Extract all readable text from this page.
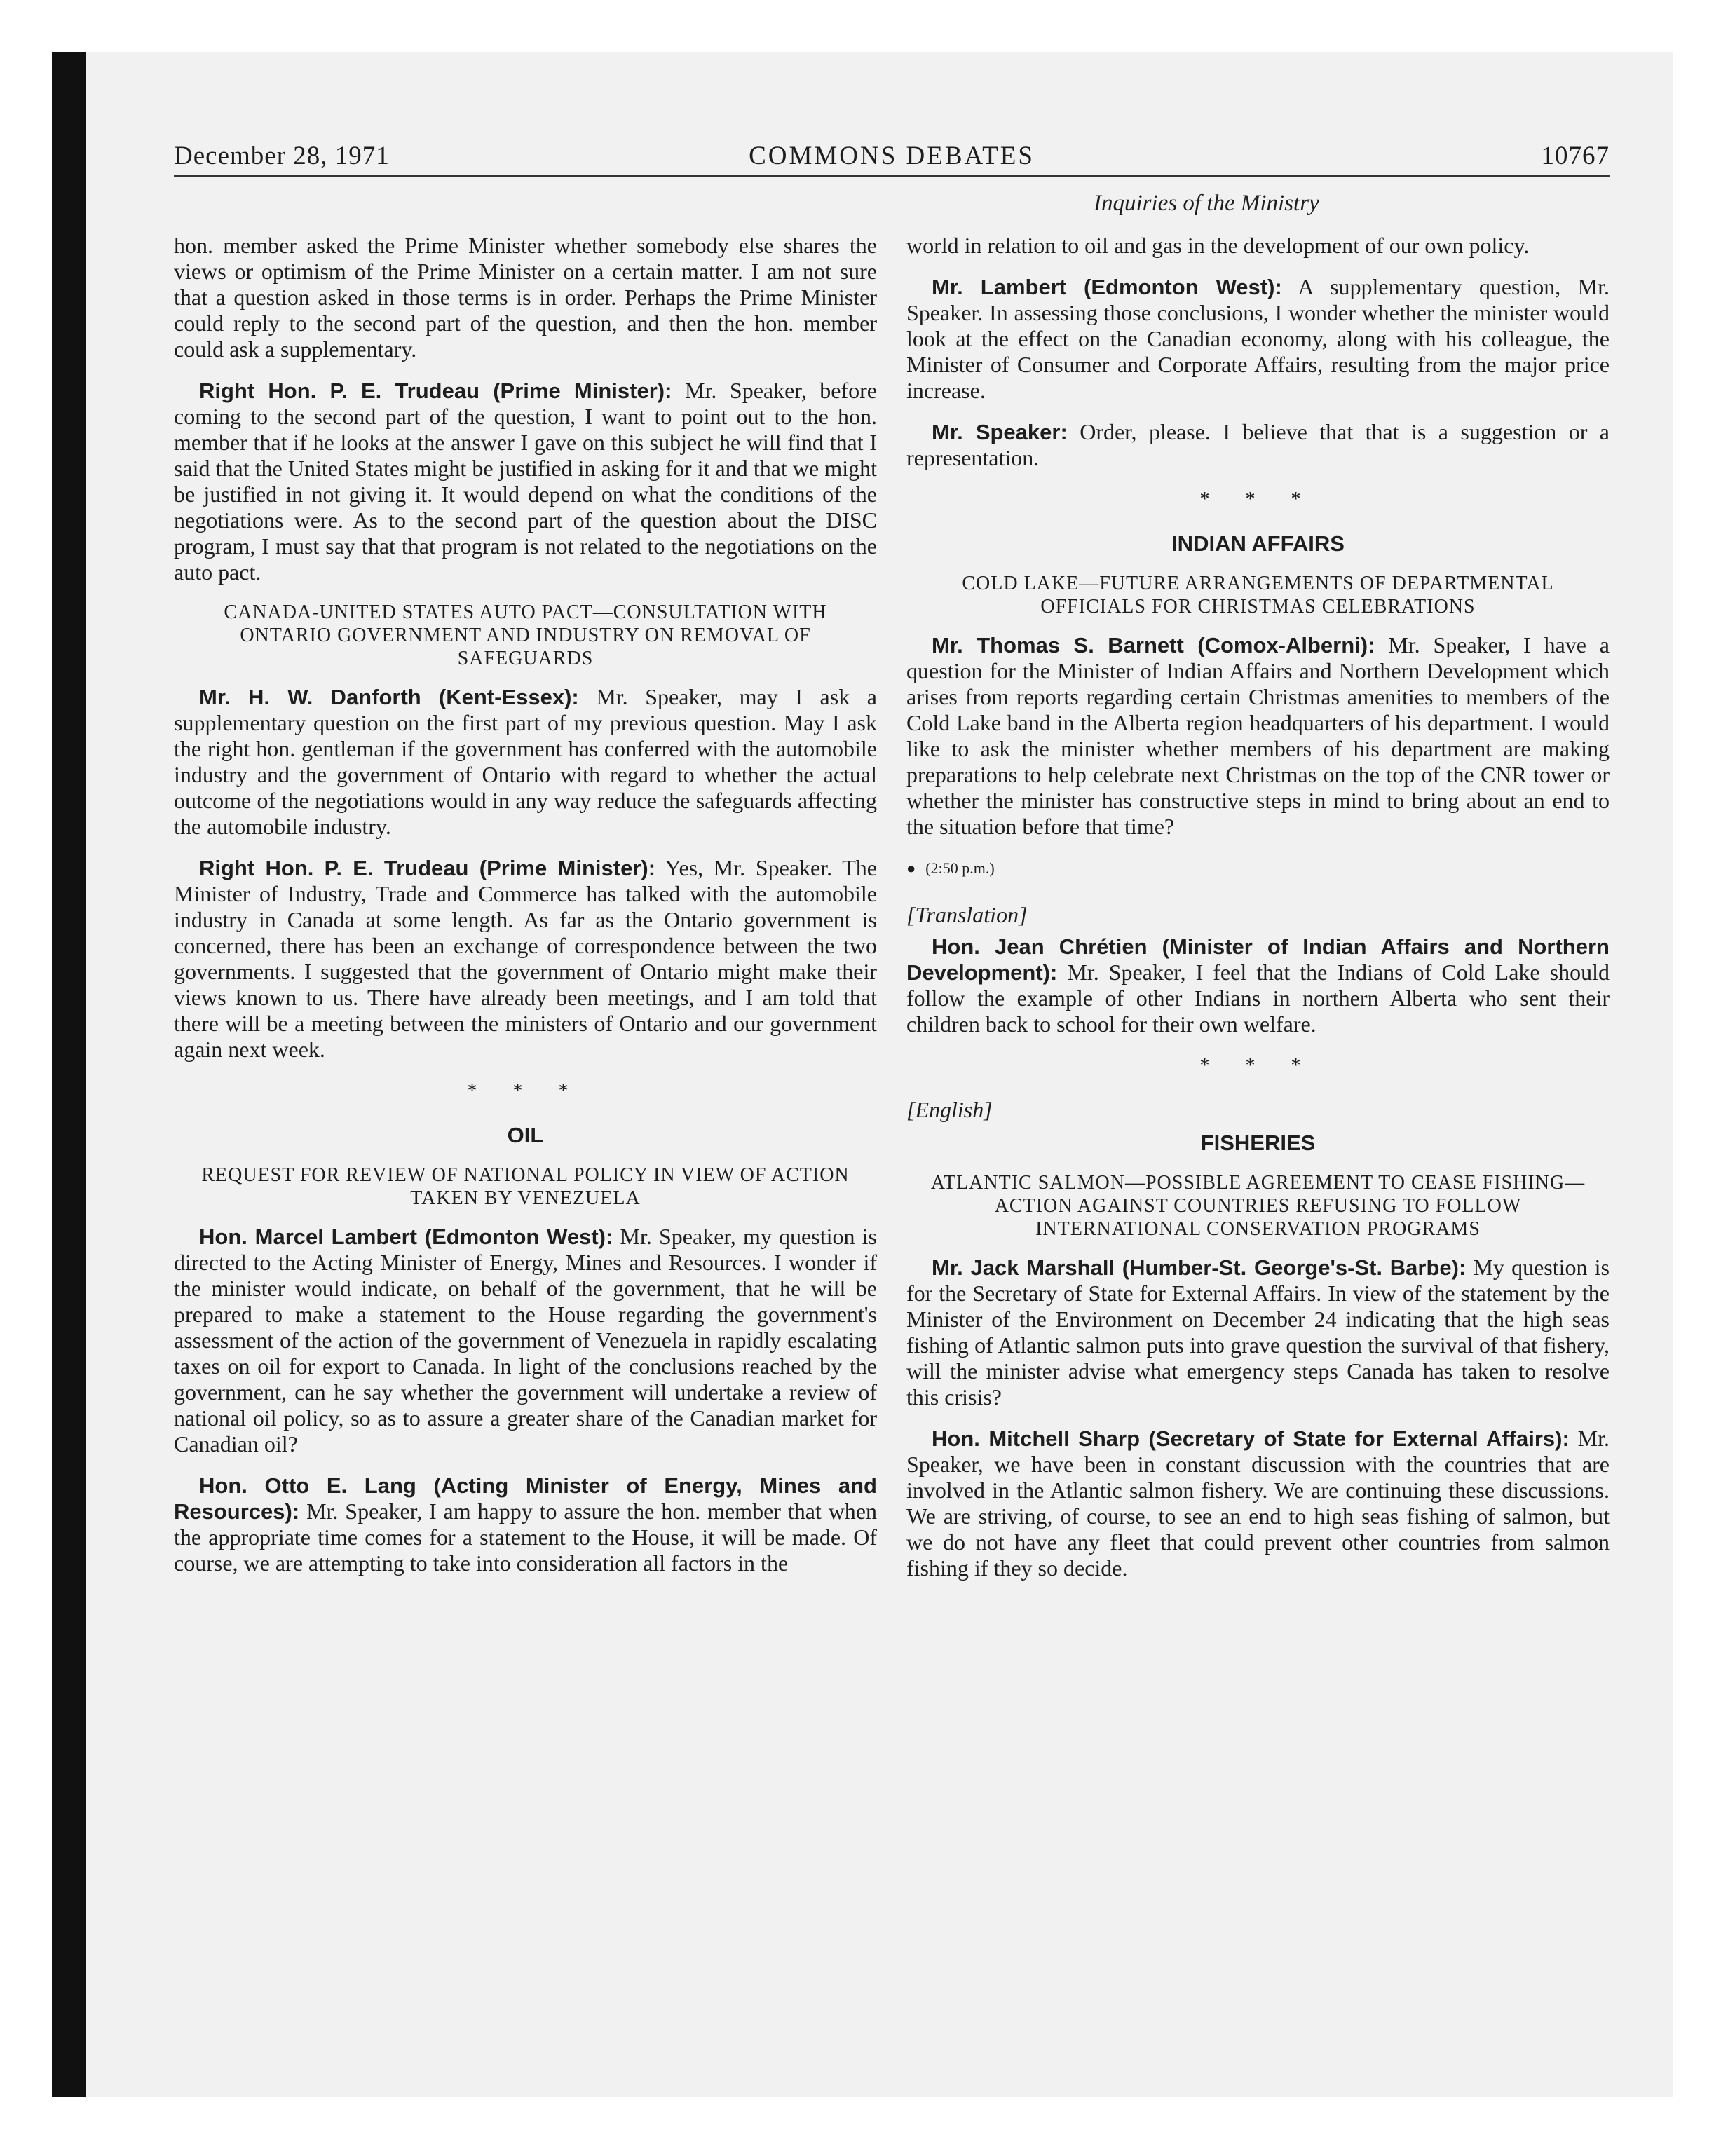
December 28, 1971	COMMONS DEBATES	10767
Inquiries of the Ministry

hon. member asked the Prime Minister whether somebody else shares the views or optimism of the Prime Minister on a certain matter. I am not sure that a question asked in those terms is in order. Perhaps the Prime Minister could reply to the second part of the question, and then the hon. member could ask a supplementary.

Right Hon. P. E. Trudeau (Prime Minister): Mr. Speaker, before coming to the second part of the question, I want to point out to the hon. member that if he looks at the answer I gave on this subject he will find that I said that the United States might be justified in asking for it and that we might be justified in not giving it. It would depend on what the conditions of the negotiations were. As to the second part of the question about the DISC program, I must say that that program is not related to the negotiations on the auto pact.

CANADA-UNITED STATES AUTO PACT—CONSULTATION WITH ONTARIO GOVERNMENT AND INDUSTRY ON REMOVAL OF SAFEGUARDS

Mr. H. W. Danforth (Kent-Essex): Mr. Speaker, may I ask a supplementary question on the first part of my previous question. May I ask the right hon. gentleman if the government has conferred with the automobile industry and the government of Ontario with regard to whether the actual outcome of the negotiations would in any way reduce the safeguards affecting the automobile industry.

Right Hon. P. E. Trudeau (Prime Minister): Yes, Mr. Speaker. The Minister of Industry, Trade and Commerce has talked with the automobile industry in Canada at some length. As far as the Ontario government is concerned, there has been an exchange of correspondence between the two governments. I suggested that the government of Ontario might make their views known to us. There have already been meetings, and I am told that there will be a meeting between the ministers of Ontario and our government again next week.

* * *
OIL
REQUEST FOR REVIEW OF NATIONAL POLICY IN VIEW OF ACTION TAKEN BY VENEZUELA

Hon. Marcel Lambert (Edmonton West): Mr. Speaker, my question is directed to the Acting Minister of Energy, Mines and Resources. I wonder if the minister would indicate, on behalf of the government, that he will be prepared to make a statement to the House regarding the government's assessment of the action of the government of Venezuela in rapidly escalating taxes on oil for export to Canada. In light of the conclusions reached by the government, can he say whether the government will undertake a review of national oil policy, so as to assure a greater share of the Canadian market for Canadian oil?

Hon. Otto E. Lang (Acting Minister of Energy, Mines and Resources): Mr. Speaker, I am happy to assure the hon. member that when the appropriate time comes for a statement to the House, it will be made. Of course, we are attempting to take into consideration all factors in the

world in relation to oil and gas in the development of our own policy.

Mr. Lambert (Edmonton West): A supplementary question, Mr. Speaker. In assessing those conclusions, I wonder whether the minister would look at the effect on the Canadian economy, along with his colleague, the Minister of Consumer and Corporate Affairs, resulting from the major price increase.

Mr. Speaker: Order, please. I believe that that is a suggestion or a representation.

* * *
INDIAN AFFAIRS
COLD LAKE—FUTURE ARRANGEMENTS OF DEPARTMENTAL OFFICIALS FOR CHRISTMAS CELEBRATIONS

Mr. Thomas S. Barnett (Comox-Alberni): Mr. Speaker, I have a question for the Minister of Indian Affairs and Northern Development which arises from reports regarding certain Christmas amenities to members of the Cold Lake band in the Alberta region headquarters of his department. I would like to ask the minister whether members of his department are making preparations to help celebrate next Christmas on the top of the CNR tower or whether the minister has constructive steps in mind to bring about an end to the situation before that time?

● (2:50 p.m.)
[Translation]

Hon. Jean Chrétien (Minister of Indian Affairs and Northern Development): Mr. Speaker, I feel that the Indians of Cold Lake should follow the example of other Indians in northern Alberta who sent their children back to school for their own welfare.

* * *
[English]
FISHERIES
ATLANTIC SALMON—POSSIBLE AGREEMENT TO CEASE FISHING—ACTION AGAINST COUNTRIES REFUSING TO FOLLOW INTERNATIONAL CONSERVATION PROGRAMS

Mr. Jack Marshall (Humber-St. George's-St. Barbe): My question is for the Secretary of State for External Affairs. In view of the statement by the Minister of the Environment on December 24 indicating that the high seas fishing of Atlantic salmon puts into grave question the survival of that fishery, will the minister advise what emergency steps Canada has taken to resolve this crisis?

Hon. Mitchell Sharp (Secretary of State for External Affairs): Mr. Speaker, we have been in constant discussion with the countries that are involved in the Atlantic salmon fishery. We are continuing these discussions. We are striving, of course, to see an end to high seas fishing of salmon, but we do not have any fleet that could prevent other countries from salmon fishing if they so decide.
